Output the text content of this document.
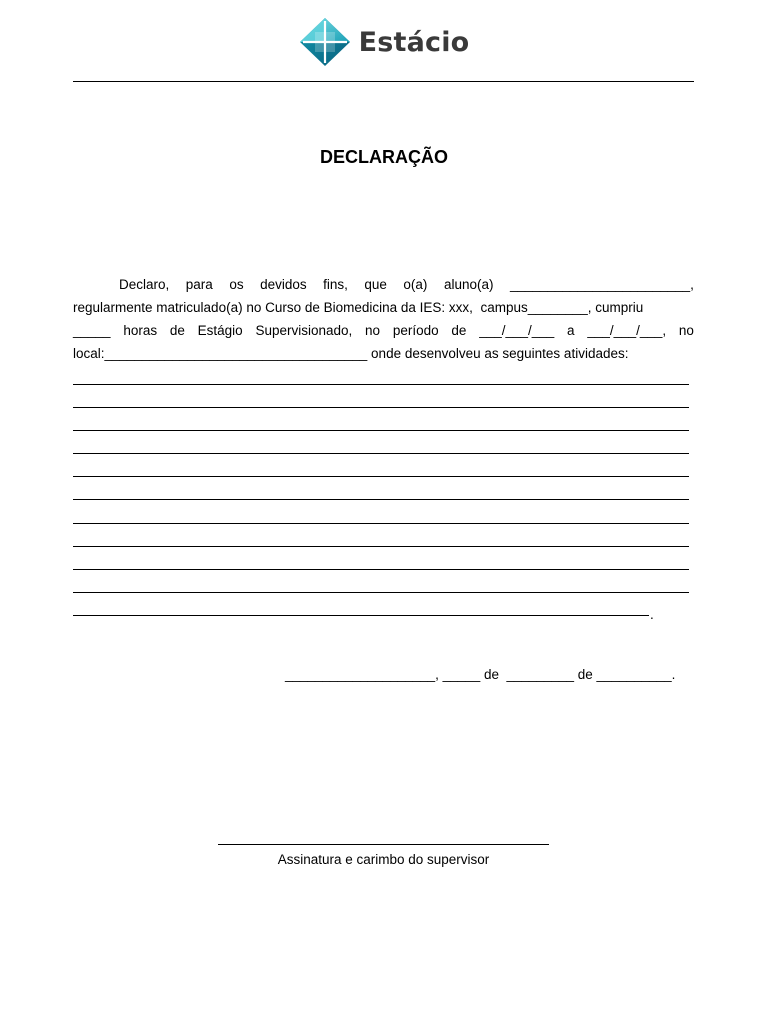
Estácio
DECLARAÇÃO
Declaro, para os devidos fins, que o(a) aluno(a) ________________________,
regularmente matriculado(a) no Curso de Biomedicina da IES: xxx,  campus________, cumpriu
_____ horas de Estágio Supervisionado, no período de ___/___/___ a ___/___/___, no
local:___________________________________ onde desenvolveu as seguintes atividades:
.
____________________, _____ de  _________ de __________.
Assinatura e carimbo do supervisor
